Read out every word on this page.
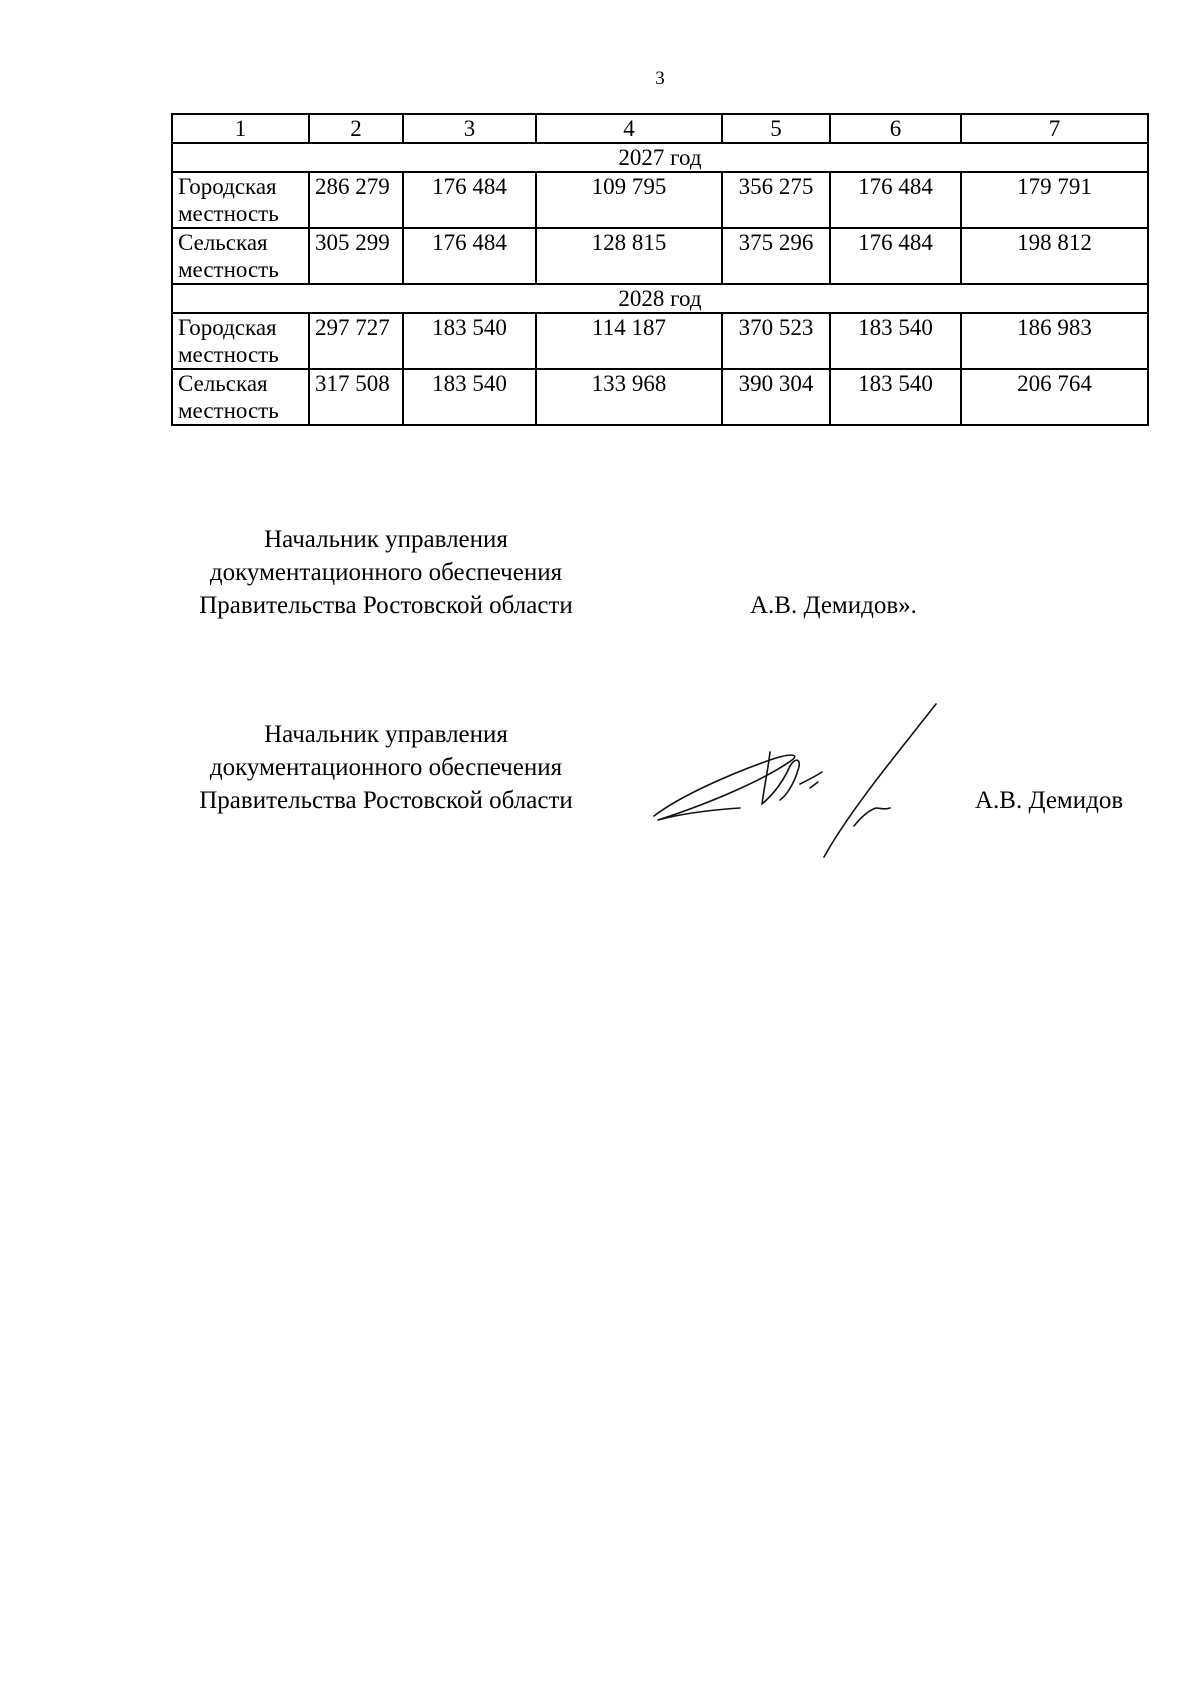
3
1	2	3	4	5	6	7
2027 год						
Городская местность	286 279	176 484	109 795	356 275	176 484	179 791
Сельская местность	305 299	176 484	128 815	375 296	176 484	198 812
2028 год						
Городская местность	297 727	183 540	114 187	370 523	183 540	186 983
Сельская местность	317 508	183 540	133 968	390 304	183 540	206 764
Начальник управления
документационного обеспечения
Правительства Ростовской области	А.В. Демидов».
Начальник управления
документационного обеспечения
Правительства Ростовской области	А.В. Демидов
